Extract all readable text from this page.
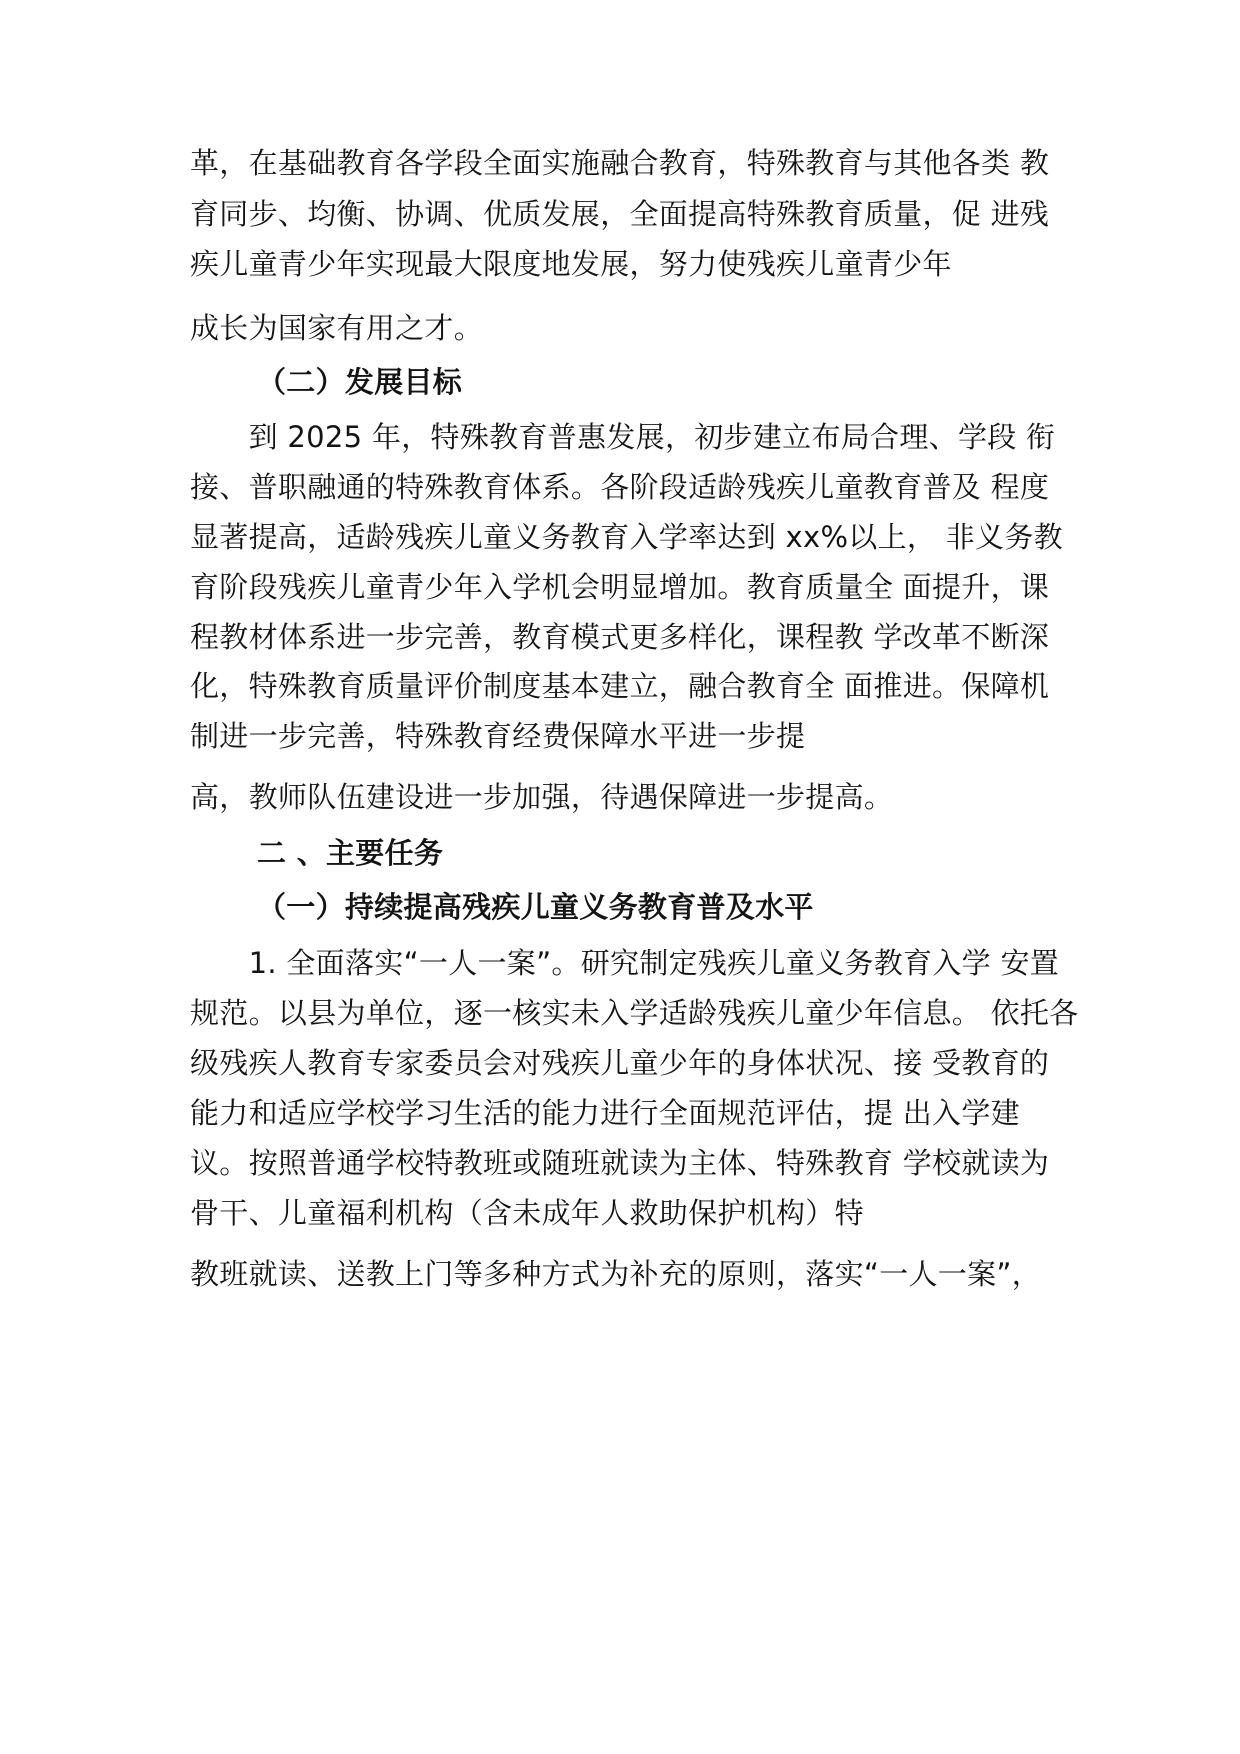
革，在基础教育各学段全面实施融合教育，特殊教育与其他各类 教

育同步、均衡、协调、优质发展，全面提高特殊教育质量，促 进残

疾儿童青少年实现最大限度地发展，努力使残疾儿童青少年

成长为国家有用之才。

（二）发展目标

　　到 2025 年，特殊教育普惠发展，初步建立布局合理、学段 衔

接、普职融通的特殊教育体系。各阶段适龄残疾儿童教育普及 程度

显著提高，适龄残疾儿童义务教育入学率达到 xx%以上， 非义务教

育阶段残疾儿童青少年入学机会明显增加。教育质量全 面提升，课

程教材体系进一步完善，教育模式更多样化，课程教 学改革不断深

化，特殊教育质量评价制度基本建立，融合教育全 面推进。保障机

制进一步完善，特殊教育经费保障水平进一步提

高，教师队伍建设进一步加强，待遇保障进一步提高。

二 、主要任务

（一）持续提高残疾儿童义务教育普及水平

　　1. 全面落实“一人一案”。研究制定残疾儿童义务教育入学 安置

规范。以县为单位，逐一核实未入学适龄残疾儿童少年信息。 依托各

级残疾人教育专家委员会对残疾儿童少年的身体状况、接 受教育的

能力和适应学校学习生活的能力进行全面规范评估，提 出入学建

议。按照普通学校特教班或随班就读为主体、特殊教育 学校就读为

骨干、儿童福利机构（含未成年人救助保护机构）特

教班就读、送教上门等多种方式为补充的原则，落实“一人一案”，
